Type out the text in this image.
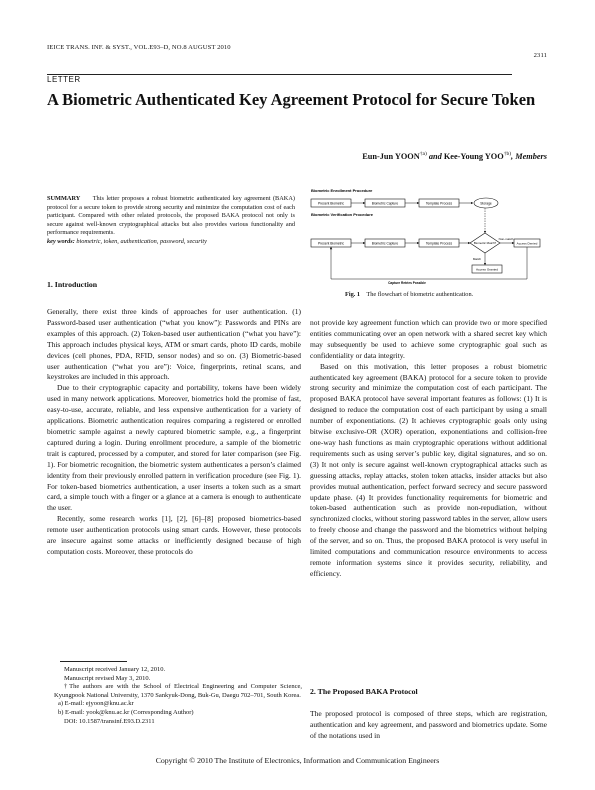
IEICE TRANS. INF. & SYST., VOL.E93–D, NO.8 AUGUST 2010
2311
LETTER
A Biometric Authenticated Key Agreement Protocol for Secure Token
Eun-Jun YOON$^{\dagger a)}$ and Kee-Young YOO$^{\dagger b)}$, Members

SUMMARY This letter proposes a robust biometric authenticated key agreement (BAKA) protocol for a secure token to provide strong security and minimize the computation cost of each participant. Compared with other related protocols, the proposed BAKA protocol not only is secure against well-known cryptographical attacks but also provides various functionality and performance requirements.

key words: biometric, token, authentication, password, security

1. Introduction

Generally, there exist three kinds of approaches for user authentication. (1) Password-based user authentication (“what you know”): Passwords and PINs are examples of this approach. (2) Token-based user authentication (“what you have”): This approach includes physical keys, ATM or smart cards, photo ID cards, mobile devices (cell phones, PDA, RFID, sensor nodes) and so on. (3) Biometric-based user authentication (“what you are”): Voice, fingerprints, retinal scans, and keystrokes are included in this approach.

Due to their cryptographic capacity and portability, tokens have been widely used in many network applications. Moreover, biometrics hold the promise of fast, easy-to-use, accurate, reliable, and less expensive authentication for a variety of applications. Biometric authentication requires comparing a registered or enrolled biometric sample against a newly captured biometric sample, e.g., a fingerprint captured during a login. During enrollment procedure, a sample of the biometric trait is captured, processed by a computer, and stored for later comparison (see Fig. 1). For biometric recognition, the biometric system authenticates a person’s claimed identity from their previously enrolled pattern in verification procedure (see Fig. 1). For token-based biometrics authentication, a user inserts a token such as a smart card, a simple touch with a finger or a glance at a camera is enough to authenticate the user.

Recently, some research works [1], [2], [6]–[8] proposed biometrics-based remote user authentication protocols using smart cards. However, these protocols are insecure against some attacks or inefficiently designed because of high computation costs. Moreover, these protocols do

Manuscript received January 12, 2010.
Manuscript revised May 3, 2010.
†The authors are with the School of Electrical Engineering and Computer Science, Kyungpook National University, 1370 Sankyuk-Dong, Buk-Gu, Daegu 702–701, South Korea.
a) E-mail: ejyoon@knu.ac.kr
b) E-mail: yook@knu.ac.kr (Corresponding Author)
DOI: 10.1587/transinf.E93.D.2311
Biometric Enrollment Procedure
Present Biometric	Biometric Capture	Template Process	Storage
Biometric Verification Procedure
Present Biometric	Biometric Capture	Template Process	Biometric Match?
Non-match
Access Denied
Match
Access Granted
Capture Retries Possible
Fig. 1 The flowchart of biometric authentication.

not provide key agreement function which can provide two or more specified entities communicating over an open network with a shared secret key which may subsequently be used to achieve some cryptographic goal such as confidentiality or data integrity.

Based on this motivation, this letter proposes a robust biometric authenticated key agreement (BAKA) protocol for a secure token to provide strong security and minimize the computation cost of each participant. The proposed BAKA protocol have several important features as follows: (1) It is designed to reduce the computation cost of each participant by using a small number of exponentiations. (2) It achieves cryptographic goals only using bitwise exclusive-OR (XOR) operation, exponentiations and collision-free one-way hash functions as main cryptographic operations without additional requirements such as using server’s public key, digital signatures, and so on. (3) It not only is secure against well-known cryptographical attacks such as guessing attacks, replay attacks, stolen token attacks, insider attacks but also provides mutual authentication, perfect forward secrecy and secure password update phase. (4) It provides functionality requirements for biometric and token-based authentication such as provide non-repudiation, without synchronized clocks, without storing password tables in the server, allow users to freely choose and change the password and the biometrics without helping of the server, and so on. Thus, the proposed BAKA protocol is very useful in limited computations and communication resource environments to access remote information systems since it provides security, reliability, and efficiency.

2. The Proposed BAKA Protocol

The proposed protocol is composed of three steps, which are registration, authentication and key agreement, and password and biometrics update. Some of the notations used in

Copyright © 2010 The Institute of Electronics, Information and Communication Engineers
